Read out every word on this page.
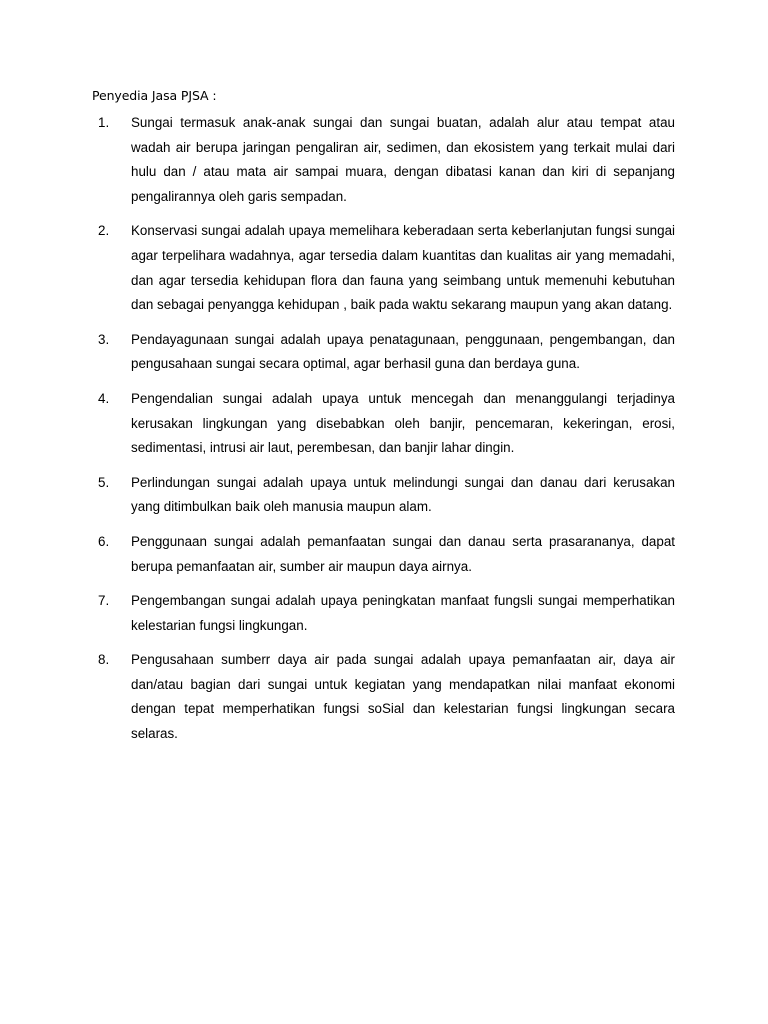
Penyedia Jasa PJSA :
1. Sungai termasuk anak-anak sungai dan sungai buatan, adalah alur atau tempat atau wadah air berupa jaringan pengaliran air, sedimen, dan ekosistem yang terkait mulai dari hulu dan / atau mata air sampai muara, dengan dibatasi kanan dan kiri di sepanjang pengalirannya oleh garis sempadan.
2. Konservasi sungai adalah upaya memelihara keberadaan serta keberlanjutan fungsi sungai agar terpelihara wadahnya, agar tersedia dalam kuantitas dan kualitas air yang memadahi, dan agar tersedia kehidupan flora dan fauna yang seimbang untuk memenuhi kebutuhan dan sebagai penyangga kehidupan , baik pada waktu sekarang maupun yang akan datang.
3. Pendayagunaan sungai adalah upaya penatagunaan, penggunaan, pengembangan, dan pengusahaan sungai secara optimal, agar berhasil guna dan berdaya guna.
4. Pengendalian sungai adalah upaya untuk mencegah dan menanggulangi terjadinya kerusakan lingkungan yang disebabkan oleh banjir, pencemaran, kekeringan, erosi, sedimentasi, intrusi air laut, perembesan, dan banjir lahar dingin.
5. Perlindungan sungai adalah upaya untuk melindungi sungai dan danau dari kerusakan yang ditimbulkan baik oleh manusia maupun alam.
6. Penggunaan sungai adalah pemanfaatan sungai dan danau serta prasarananya, dapat berupa pemanfaatan air, sumber air maupun daya airnya.
7. Pengembangan sungai adalah upaya peningkatan manfaat fungsli sungai memperhatikan kelestarian fungsi lingkungan.
8. Pengusahaan sumberr daya air pada sungai adalah upaya pemanfaatan air, daya air dan/atau bagian dari sungai untuk kegiatan yang mendapatkan nilai manfaat ekonomi dengan tepat memperhatikan fungsi soSial dan kelestarian fungsi lingkungan secara selaras.
